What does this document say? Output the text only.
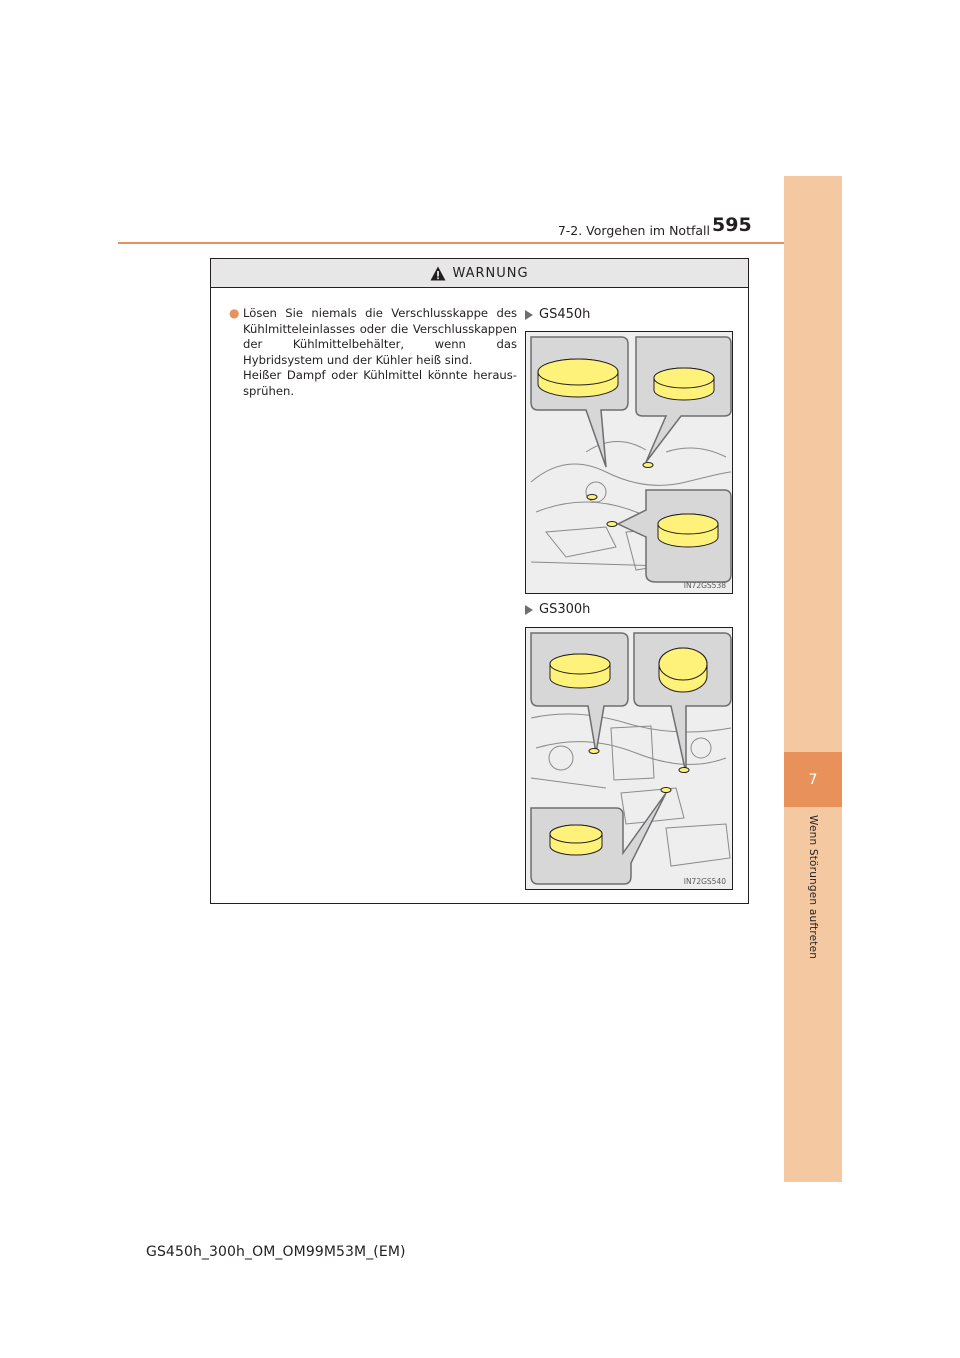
7
Wenn Störungen auftreten
7-2. Vorgehen im Notfall 595
WARNUNG
● Lösen Sie niemals die Verschlusskappe des Kühlmitteleinlasses oder die Verschlusskappen der Kühlmittelbehälter, wenn das Hybridsystem und der Kühler heiß sind.

Heißer Dampf oder Kühlmittel könnte heraus-sprühen.

GS450h
IN72GS538
GS300h
IN72GS540
GS450h_300h_OM_OM99M53M_(EM)
